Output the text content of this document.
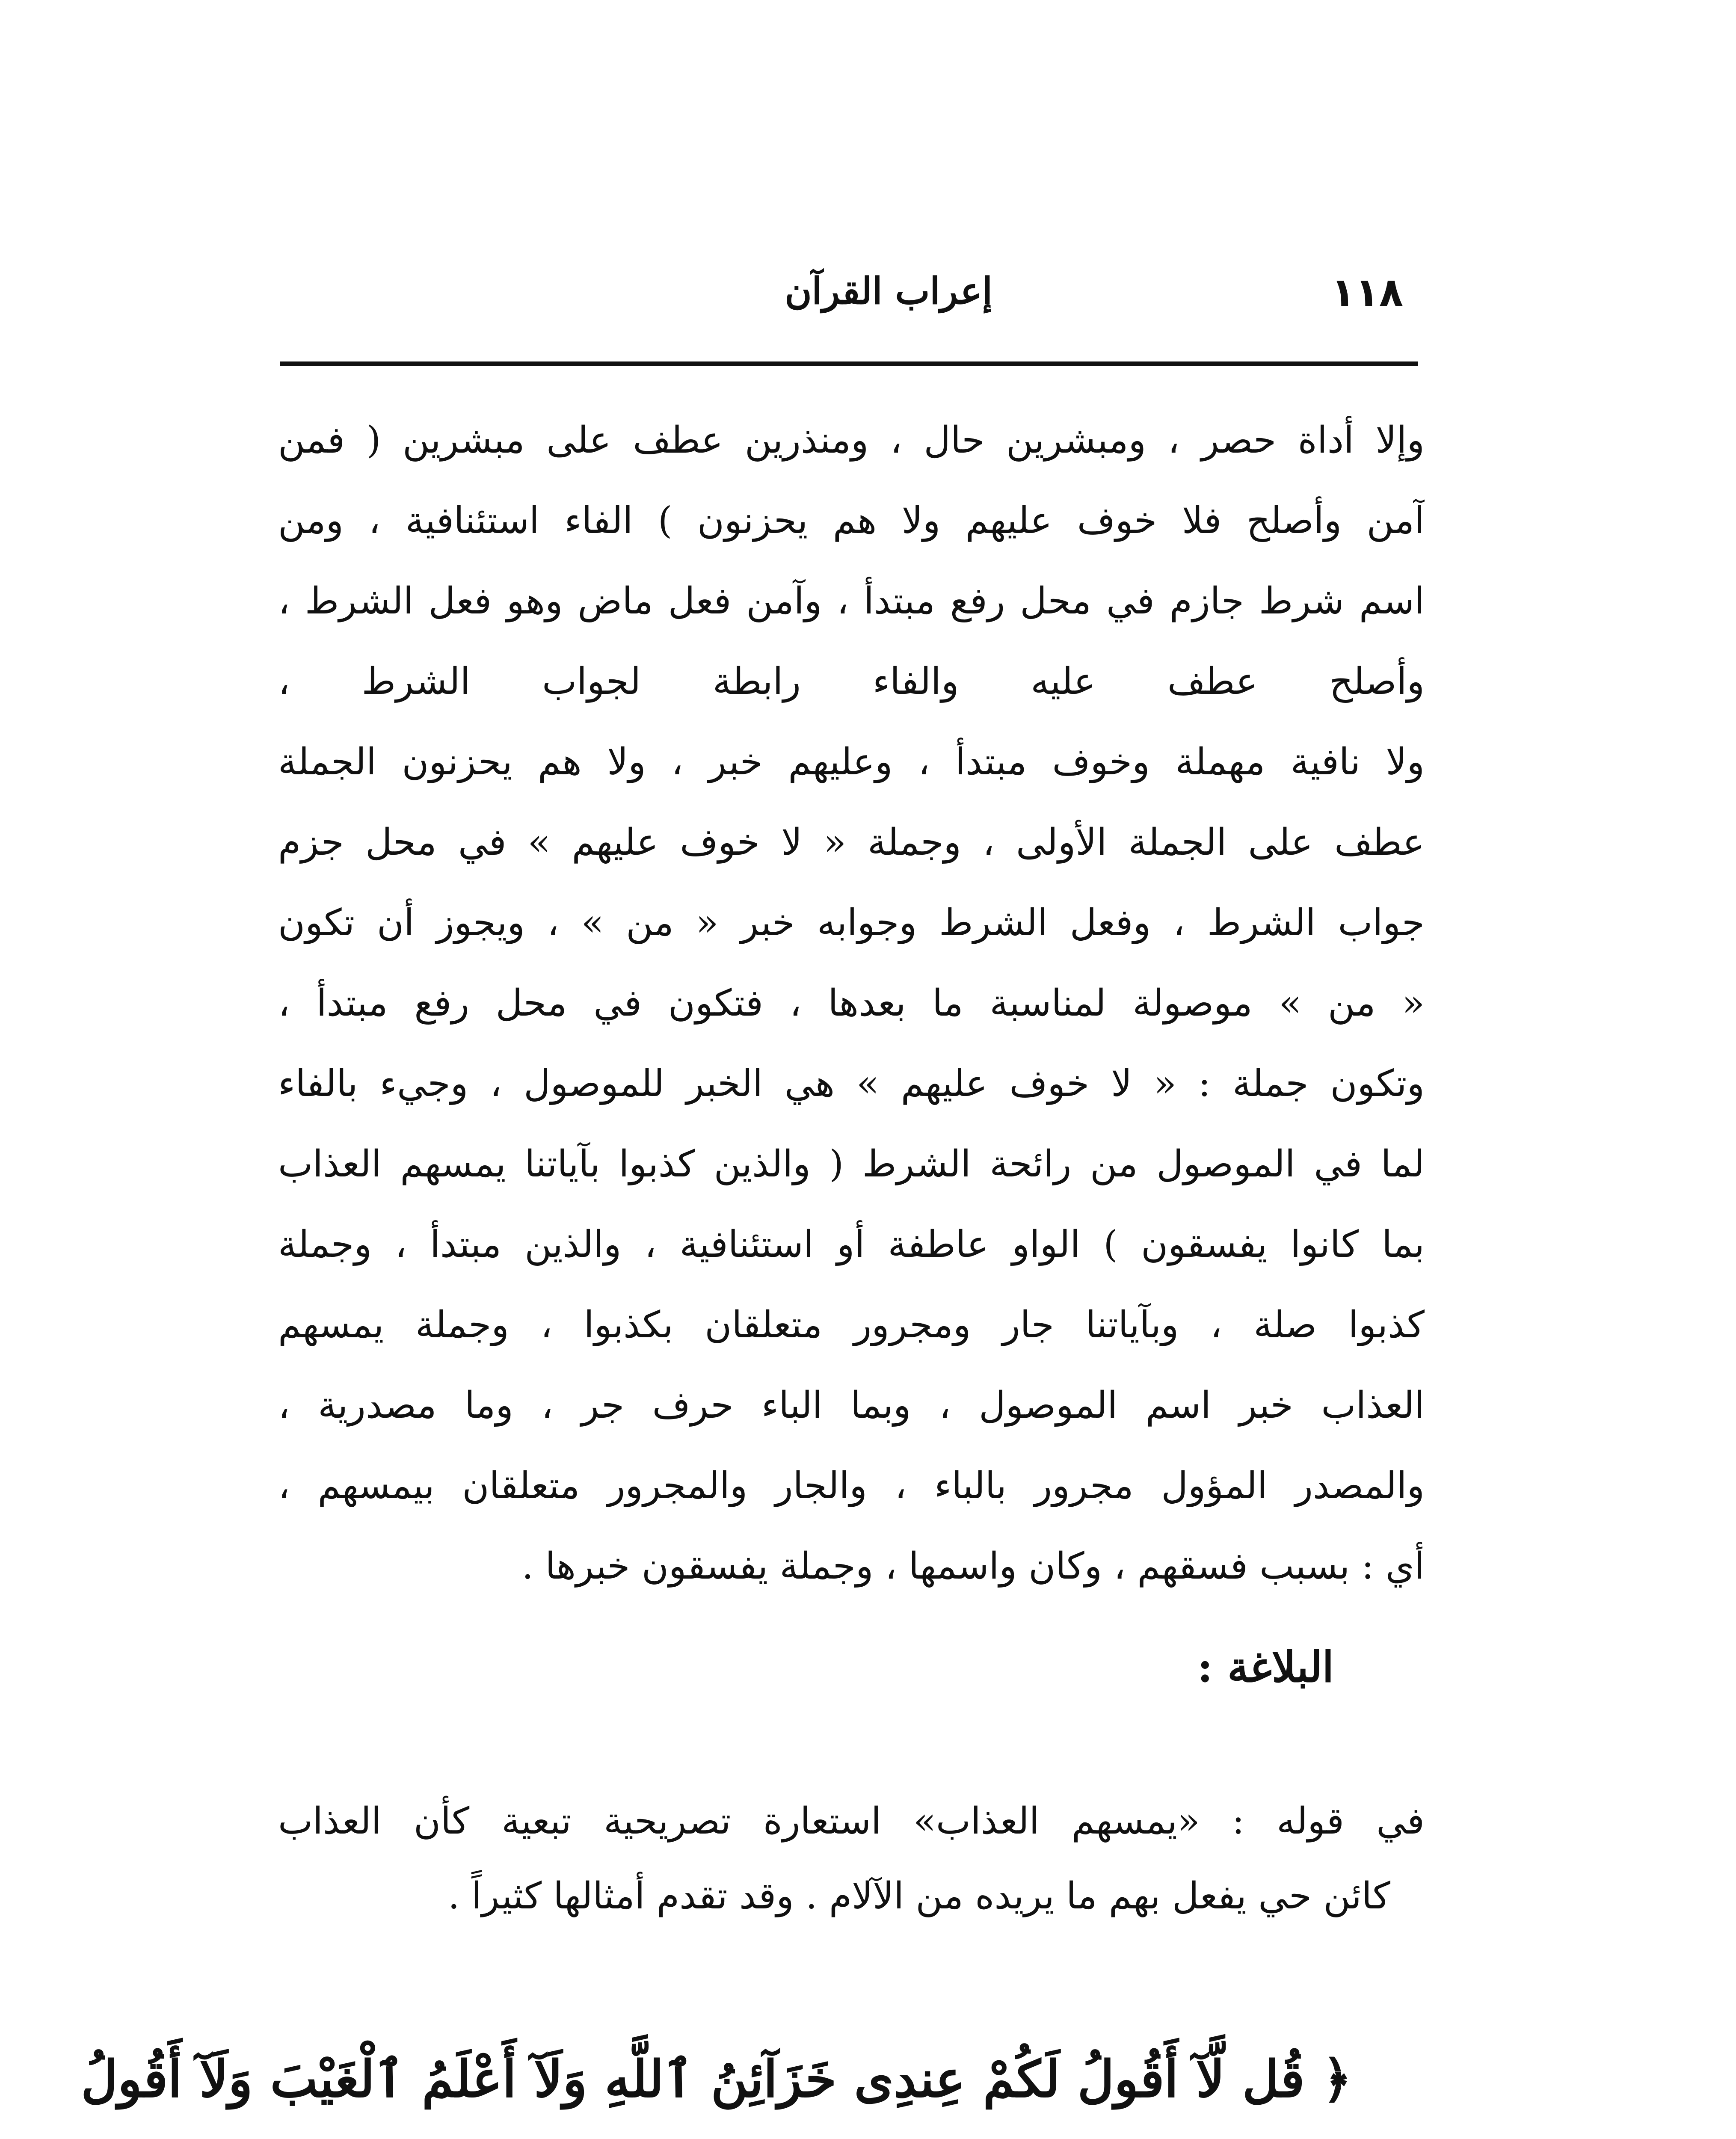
١١٨
إعراب القرآن
وإلا أداة حصر ، ومبشرين حال ، ومنذرين عطف على مبشرين ( فمن
آمن وأصلح فلا خوف عليهم ولا هم يحزنون ) الفاء استئنافية ، ومن
اسم شرط جازم في محل رفع مبتدأ ، وآمن فعل ماض وهو فعل الشرط ،
وأصلح عطف عليه والفاء رابطة لجواب الشرط ،
ولا نافية مهملة وخوف مبتدأ ، وعليهم خبر ، ولا هم يحزنون الجملة
عطف على الجملة الأولى ، وجملة « لا خوف عليهم » في محل جزم
جواب الشرط ، وفعل الشرط وجوابه خبر « من » ، ويجوز أن تكون
« من » موصولة لمناسبة ما بعدها ، فتكون في محل رفع مبتدأ ،
وتكون جملة : « لا خوف عليهم » هي الخبر للموصول ، وجيء بالفاء
لما في الموصول من رائحة الشرط ( والذين كذبوا بآياتنا يمسهم العذاب
بما كانوا يفسقون ) الواو عاطفة أو استئنافية ، والذين مبتدأ ، وجملة
كذبوا صلة ، وبآياتنا جار ومجرور متعلقان بكذبوا ، وجملة يمسهم
العذاب خبر اسم الموصول ، وبما الباء حرف جر ، وما مصدرية ،
والمصدر المؤول مجرور بالباء ، والجار والمجرور متعلقان بيمسهم ،
أي : بسبب فسقهم ، وكان واسمها ، وجملة يفسقون خبرها .
البلاغة :
في قوله : «يمسهم العذاب» استعارة تصريحية تبعية كأن العذاب
كائن حي يفعل بهم ما يريده من الآلام . وقد تقدم أمثالها كثيراً .
﴿ قُل لَّآ أَقُولُ لَكُمْ عِندِى خَزَآئِنُ ٱللَّهِ وَلَآ أَعْلَمُ ٱلْغَيْبَ وَلَآ أَقُولُ
